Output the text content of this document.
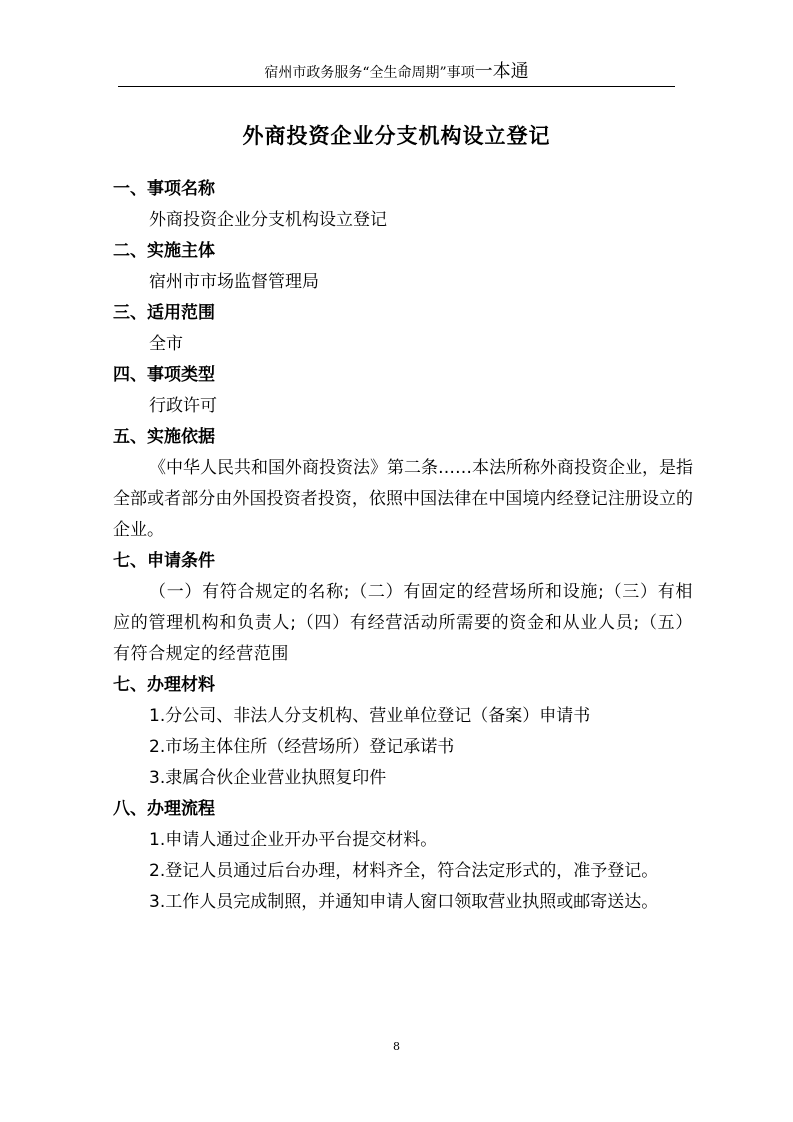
宿州市政务服务“全生命周期”事项一本通
外商投资企业分支机构设立登记
一、事项名称
外商投资企业分支机构设立登记
二、实施主体
宿州市市场监督管理局
三、适用范围
全市
四、事项类型
行政许可
五、实施依据
《中华人民共和国外商投资法》第二条……本法所称外商投资企业，是指全部或者部分由外国投资者投资，依照中国法律在中国境内经登记注册设立的企业。
七、申请条件
（一）有符合规定的名称;（二）有固定的经营场所和设施;（三）有相应的管理机构和负责人;（四）有经营活动所需要的资金和从业人员;（五）有符合规定的经营范围
七、办理材料
1.分公司、非法人分支机构、营业单位登记（备案）申请书
2.市场主体住所（经营场所）登记承诺书
3.隶属合伙企业营业执照复印件
八、办理流程
1.申请人通过企业开办平台提交材料。
2.登记人员通过后台办理，材料齐全，符合法定形式的，准予登记。
3.工作人员完成制照，并通知申请人窗口领取营业执照或邮寄送达。
8
